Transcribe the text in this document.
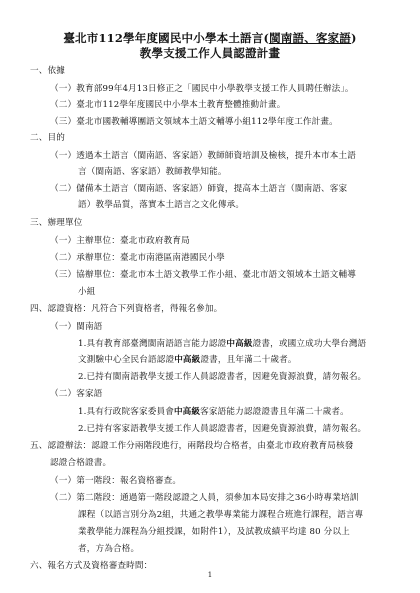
臺北市112學年度國民中小學本土語言(閩南語、客家語)
教學支援工作人員認證計畫
一、依據
（一）教育部99年4月13日修正之「國民中小學教學支援工作人員聘任辦法」。
（二）臺北市112學年度國民中小學本土教育整體推動計畫。
（三）臺北市國教輔導團語文領域本土語文輔導小組112學年度工作計畫。
二、目的
（一）透過本土語言（閩南語、客家語）教師師資培訓及檢核，提升本市本土語
言（閩南語、客家語）教師教學知能。
（二）儲備本土語言（閩南語、客家語）師資，提高本土語言（閩南語、客家
語）教學品質，落實本土語言之文化傳承。
三、辦理單位
（一）主辦單位：臺北市政府教育局
（二）承辦單位：臺北市南港區南港國民小學
（三）協辦單位：臺北市本土語文教學工作小組、臺北市語文領域本土語文輔導
小組
四、認證資格：凡符合下列資格者，得報名參加。
（一）閩南語
1.具有教育部臺灣閩南語語言能力認證中高級證書，或國立成功大學台灣語
文測驗中心全民台語認證中高級證書，且年滿二十歲者。
2.已持有閩南語教學支援工作人員認證書者，因避免資源浪費，請勿報名。
（二）客家語
1.具有行政院客家委員會中高級客家語能力認證證書且年滿二十歲者。
2.已持有客家語教學支援工作人員認證書者，因避免資源浪費，請勿報名。
五、認證辦法：認證工作分兩階段進行，兩階段均合格者，由臺北市政府教育局核發
認證合格證書。
（一）第一階段：報名資格審查。
（二）第二階段：通過第一階段認證之人員，須參加本局安排之36小時專業培訓
課程（以語言別分為2組，共通之教學專業能力課程合班進行課程，語言專
業教學能力課程為分組授課，如附件1），及試教成績平均達 80 分以上
者，方為合格。
六、報名方式及資格審查時間：
1
